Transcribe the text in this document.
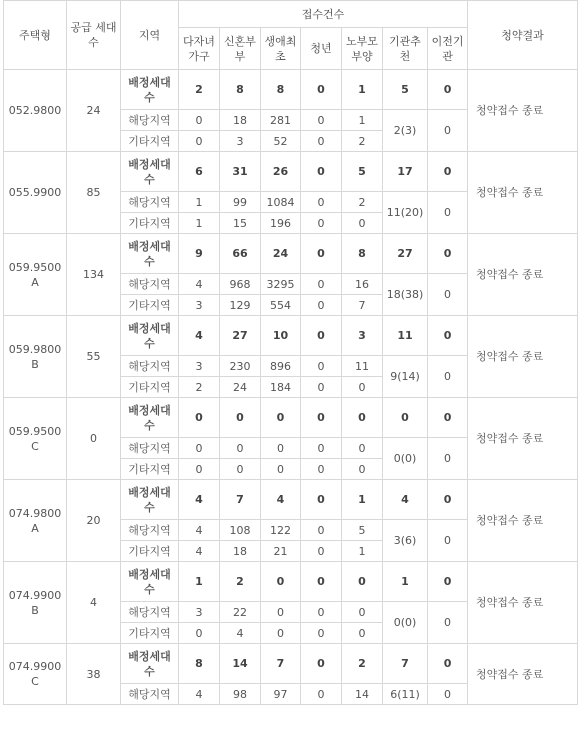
주택형	공급 세대수	지역	접수건수							청약결과
			다자녀가구	신혼부부	생애최초	청년	노부모부양	기관추천	이전기관	
052.9800	24	배정세대수	2	8	8	0	1	5	0	청약접수 종료
		해당지역	0	18	281	0	1	2(3)	0	
		기타지역	0	3	52	0	2			
055.9900	85	배정세대수	6	31	26	0	5	17	0	청약접수 종료
		해당지역	1	99	1084	0	2	11(20)	0	
		기타지역	1	15	196	0	0			
059.9500 A	134	배정세대수	9	66	24	0	8	27	0	청약접수 종료
		해당지역	4	968	3295	0	16	18(38)	0	
		기타지역	3	129	554	0	7			
059.9800 B	55	배정세대수	4	27	10	0	3	11	0	청약접수 종료
		해당지역	3	230	896	0	11	9(14)	0	
		기타지역	2	24	184	0	0			
059.9500 C	0	배정세대수	0	0	0	0	0	0	0	청약접수 종료
		해당지역	0	0	0	0	0	0(0)	0	
		기타지역	0	0	0	0	0			
074.9800 A	20	배정세대수	4	7	4	0	1	4	0	청약접수 종료
		해당지역	4	108	122	0	5	3(6)	0	
		기타지역	4	18	21	0	1			
074.9900 B	4	배정세대수	1	2	0	0	0	1	0	청약접수 종료
		해당지역	3	22	0	0	0	0(0)	0	
		기타지역	0	4	0	0	0			
074.9900 C	38	배정세대수	8	14	7	0	2	7	0	청약접수 종료
		해당지역	4	98	97	0	14	6(11)	0	
